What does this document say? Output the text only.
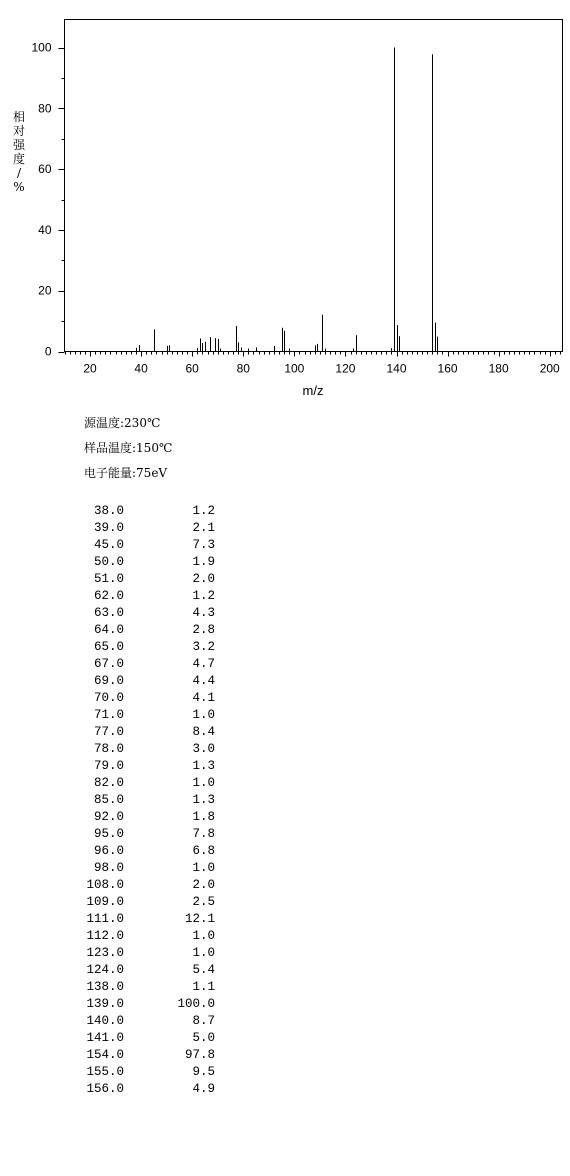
20	40	60	80	100	120	140	160	180	200
0
20
40
60
80
100
m/z
相
对
强
度
/
%
源温度:230℃
样品温度:150℃
电子能量:75eV
38.0	1.2
39.0	2.1
45.0	7.3
50.0	1.9
51.0	2.0
62.0	1.2
63.0	4.3
64.0	2.8
65.0	3.2
67.0	4.7
69.0	4.4
70.0	4.1
71.0	1.0
77.0	8.4
78.0	3.0
79.0	1.3
82.0	1.0
85.0	1.3
92.0	1.8
95.0	7.8
96.0	6.8
98.0	1.0
108.0	2.0
109.0	2.5
111.0	12.1
112.0	1.0
123.0	1.0
124.0	5.4
138.0	1.1
139.0	100.0
140.0	8.7
141.0	5.0
154.0	97.8
155.0	9.5
156.0	4.9
